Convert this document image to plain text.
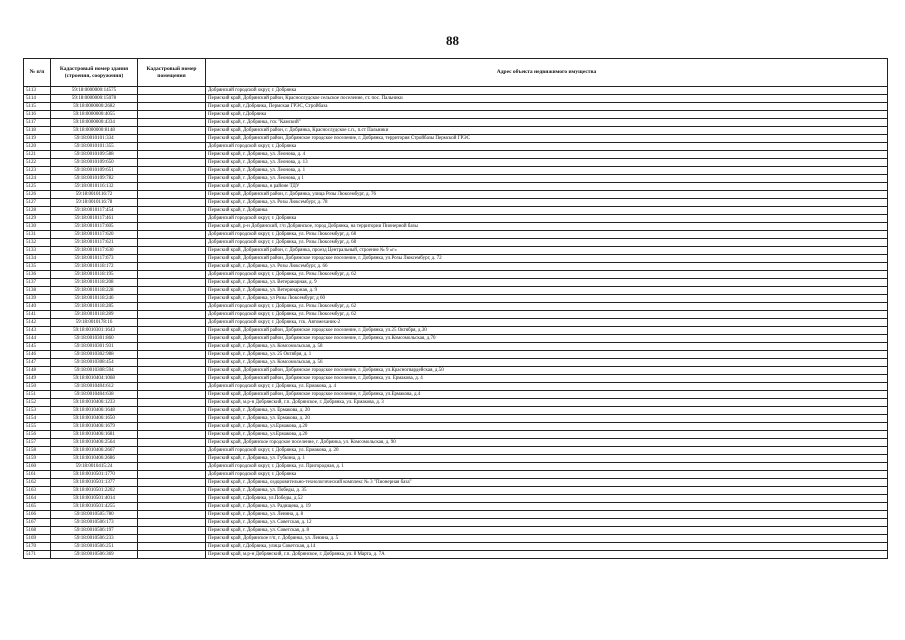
88
№ п/п	Кадастровый номер здания (строения, сооружения)	Кадастровый номер помещения	Адрес объекта недвижимого имущества
5113	59:18:0000000:14575		Добрянский городской округ, г. Добрянка
5114	59:18:0000000:15078		Пермский край, Добрянский район, Краснослудское сельское поселение, ст. пос. Пальники
5115	59:18:0000000:2682		Пермский край, г.Добрянка, Пермская ГРЭС, Стройбаза
5116	59:18:0000000:4055		Пермский край, г.Добрянка
5117	59:18:0000000:4334		Пермский край, г. Добрянка, гск "Камский"
5118	59:18:0000000:8148		Пермский край, Добрянский район, г. Добрянка, Краснослудское с.п., п.ст Пальники
5119	59:18:0010101:334		Пермский край, Добрянский район, Добрянское городское поселение, г. Добрянка, территория Стройбазы Пермской ГРЭС
5120	59:18:0010101:355		Добрянский городской округ, г. Добрянка
5121	59:18:0010109:588		Пермский край, г. Добрянка, ул. Леонова, д. 4
5122	59:18:0010109:650		Пермский край, г. Добрянка, ул. Леонова, д. 13
5123	59:18:0010109:651		Пермский край, г. Добрянка, ул. Леонова, д. 1
5124	59:18:0010109:782		Пермский край, г. Добрянка, ул. Леонова, д 1
5125	59:18:0010116:132		Пермский край, г. Добрянка, в районе ТДУ
5126	59:18:0010116:72		Пермский край, Добрянский район, г. Добрянка, улица Розы Люксембург, д. 76
5127	59:18:0010116:78		Пермский край, г. Добрянка, ул. Розы Люксембург, д. 78
5128	59:18:0010117:454		Пермский край, г. Добрянка
5129	59:18:0010117:461		Добрянский городской округ, г. Добрянка
5130	59:18:0010117:605		Пермский край, р-н Добрянский, г/п Добрянское, город Добрянка, на территории Пионерной базы
5131	59:18:0010117:620		Добрянский городской округ, г. Добрянка, ул. Розы Люксембург, д. 68
5132	59:18:0010117:621		Добрянский городской округ, г. Добрянка, ул. Розы Люксембург, д. 68
5133	59:18:0010117:630		Пермский край, Добрянский район, г. Добрянка, проезд Центральный, строение № 9 «г»
5134	59:18:0010117:673		Пермский край, Добрянский район, Добрянское городское поселение, г. Добрянка, ул.Розы Люксембург, д. 72
5135	59:18:0010118:172		Пермский край, г. Добрянка, ул. Розы Люксембург, д. 66
5136	59:18:0010118:195		Добрянский городской округ, г. Добрянка, ул. Розы Люксембург, д. 62
5137	59:18:0010118:208		Пермский край, г. Добрянка, ул. Ветеранарная, д. 9
5138	59:18:0010118:228		Пермский край, г. Добрянка, ул. Ветеринарная, д. 9
5139	59:18:0010118:246		Пермский край, г. Добрянка, ул Розы Люксембург, д 60
5140	59:18:0010118:285		Добрянский городской округ, г. Добрянка, ул. Розы Люксембург, д. 62
5141	59:18:0010118:289		Добрянский городской округ, г. Добрянка, ул. Розы Люксембург, д. 62
5142	59:18:0010178:16		Добрянский городской округ, г. Добрянка, гск. Автомеханик-2
5143	59:18:0010301:1643		Пермский край, Добрянский район, Добрянское городское поселение, г. Добрянка, ул.25 Октября, д.30
5144	59:18:0010301:860		Пермский край, Добрянский район, Добрянское городское поселение, г. Добрянка, ул.Комсомольская, д.70
5145	59:18:0010301:931		Пермский край, г. Добрянка, ул. Комсомольская, д. 58
5146	59:18:0010302:988		Пермский край, г. Добрянка, ул. 25 Октября, д. 1
5147	59:18:0010308:454		Пермский край, г. Добрянка, ул. Комсомольская, д. 56
5148	59:18:0010308:594		Пермский край, Добрянский район, Добрянское городское поселение, г. Добрянка, ул.Красногвардейская, д.50
5149	59:18:0010404:1068		Пермский край, Добрянский район, Добрянское городское поселение, г. Добрянка, ул. Ермакова, д. 4
5150	59:18:0010404:612		Добрянский городской округ, г. Добрянка, ул. Ермакова, д. 4
5151	59:18:0010404:638		Пермский край, Добрянский район, Добрянское городское поселение, г. Добрянка, ул.Ермакова, д.4
5152	59:18:0010406:1233		Пермский край, м.р-н Добрянский, г.п. Добрянское, г. Добрянка, ул. Ермакова, д. 3
5153	59:18:0010406:1648		Пермский край, г. Добрянка, ул. Ермакова, д. 20
5154	59:18:0010406:1650		Пермский край, г. Добрянка, ул. Ермакова, д. 20
5155	59:18:0010406:1679		Пермский край, г. Добрянка, ул.Ермакова, д.20
5156	59:18:0010406:1681		Пермский край, г. Добрянка, ул.Ермакова, д.20
5157	59:18:0010406:2564		Пермский край, Добрянское городское поселение, г. Добрянка, ул. Комсомольская, д. 90
5158	59:18:0010406:2667		Добрянский городской округ, г. Добрянка, ул. Ермакова, д. 20
5159	59:18:0010406:2686		Пермский край, г. Добрянка, ул. Губкина, д. 1
5160	59:18:0010415:24		Добрянский городской округ, г. Добрянка, ул. Пригородная, д. 1
5161	59:18:0010501:1770		Добрянский городской округ, г. Добрянка
5162	59:18:0010501:1377		Пермский край, г. Добрянка, оздоровительно-технологический комплекс № 3 "Пионерная база"
5163	59:18:0010501:2202		Пермский край, г. Добрянка, ул. Победы, д. 35
5164	59:18:0010501:4014		Пермский край, г.Добрянка, ул.Победы, д.52
5165	59:18:0010501:4255		Пермский край, г. Добрянка, ул. Радищева, д. 19
5166	59:18:0010505:780		Пермский край, г. Добрянка, ул. Ленина, д. 8
5167	59:18:0010506:173		Пермский край, г. Добрянка, ул. Советская, д. 12
5168	59:18:0010506:197		Пермский край, г. Добрянка, ул. Советская, д. 8
5169	59:18:0010506:233		Пермский край, Добрянское г/п, г. Добрянка, ул. Ленина, д. 5
5170	59:18:0010506:251		Пермский край, г.Добрянка, улица Советская, д.14
5171	59:18:0010506:369		Пермский край, м.р-н Добрянский, г.п. Добрянское, г. Добрянка, ул. 8 Марта, д. 7А
